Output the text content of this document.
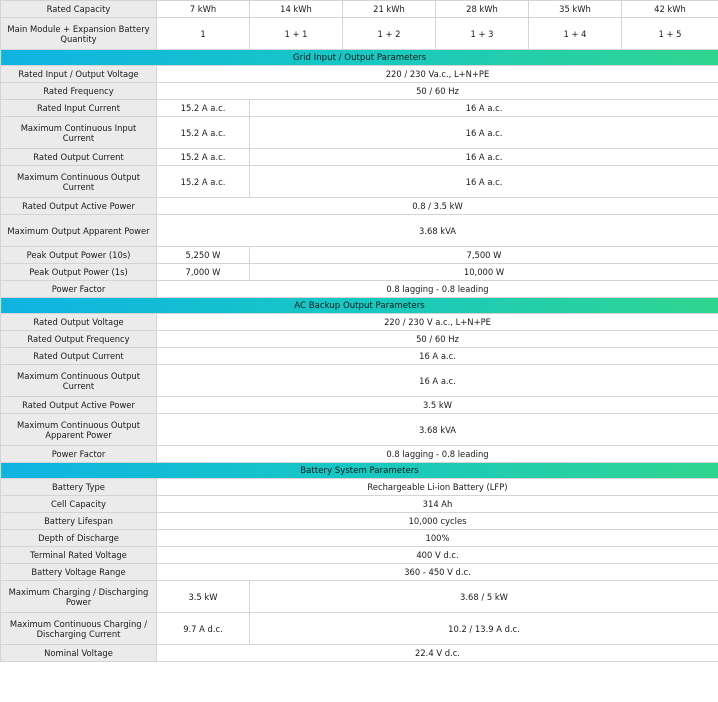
Rated Capacity	7 kWh	14 kWh	21 kWh	28 kWh	35 kWh	42 kWh
Main Module + Expansion Battery Quantity	1	1 + 1	1 + 2	1 + 3	1 + 4	1 + 5
Grid Input / Output Parameters						
Rated Input / Output Voltage	220 / 230 Va.c., L+N+PE					
Rated Frequency	50 / 60 Hz					
Rated Input Current	15.2 A a.c.	16 A a.c.				
Maximum Continuous Input Current	15.2 A a.c.	16 A a.c.				
Rated Output Current	15.2 A a.c.	16 A a.c.				
Maximum Continuous Output Current	15.2 A a.c.	16 A a.c.				
Rated Output Active Power	0.8 / 3.5 kW					
Maximum Output Apparent Power	3.68 kVA					
Peak Output Power (10s)	5,250 W	7,500 W				
Peak Output Power (1s)	7,000 W	10,000 W				
Power Factor	0.8 lagging - 0.8 leading					
AC Backup Output Parameters						
Rated Output Voltage	220 / 230 V a.c., L+N+PE					
Rated Output Frequency	50 / 60 Hz					
Rated Output Current	16 A a.c.					
Maximum Continuous Output Current	16 A a.c.					
Rated Output Active Power	3.5 kW					
Maximum Continuous Output Apparent Power	3.68 kVA					
Power Factor	0.8 lagging - 0.8 leading					
Battery System Parameters						
Battery Type	Rechargeable Li-ion Battery (LFP)					
Cell Capacity	314 Ah					
Battery Lifespan	10,000 cycles					
Depth of Discharge	100%					
Terminal Rated Voltage	400 V d.c.					
Battery Voltage Range	360 - 450 V d.c.					
Maximum Charging / Discharging Power	3.5 kW	3.68 / 5 kW				
Maximum Continuous Charging / Discharging Current	9.7 A d.c.	10.2 / 13.9 A d.c.				
Nominal Voltage	22.4 V d.c.					
